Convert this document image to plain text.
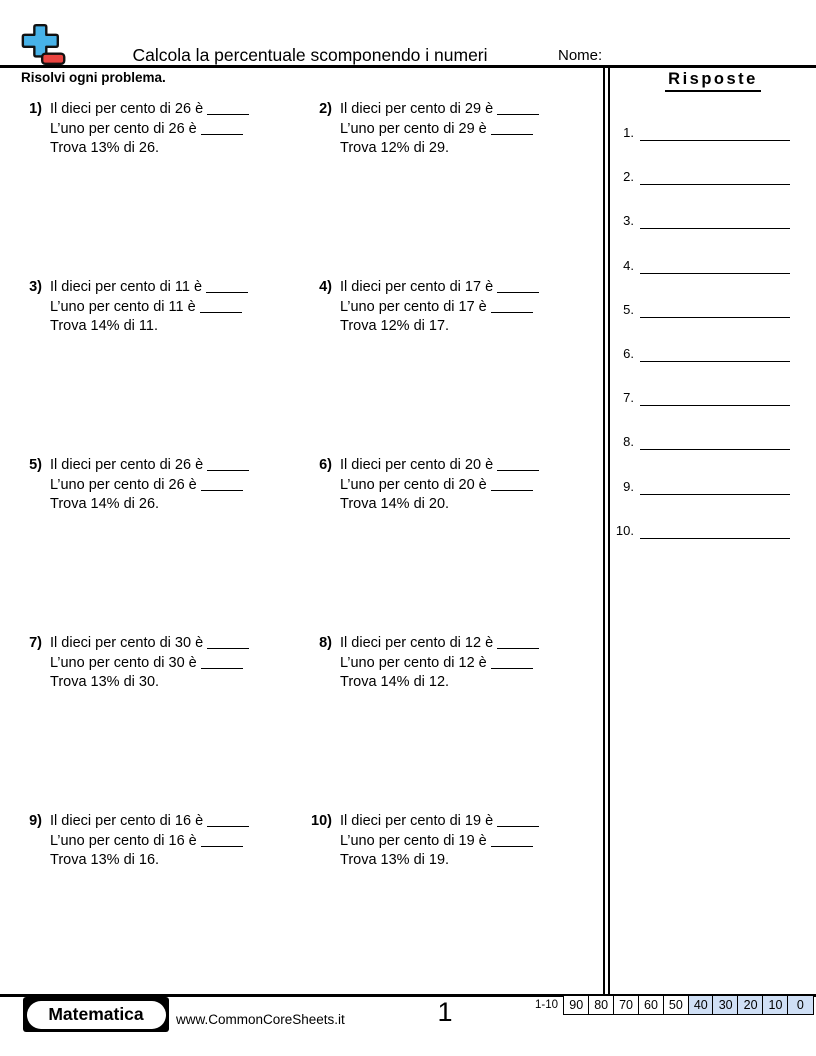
Calcola la percentuale scomponendo i numeri	Nome:
Risolvi ogni problema.
1) Il dieci per cento di 26 è
L’uno per cento di 26 è
Trova 13% di 26.
2) Il dieci per cento di 29 è
L’uno per cento di 29 è
Trova 12% di 29.
3) Il dieci per cento di 11 è
L’uno per cento di 11 è
Trova 14% di 11.
4) Il dieci per cento di 17 è
L’uno per cento di 17 è
Trova 12% di 17.
5) Il dieci per cento di 26 è
L’uno per cento di 26 è
Trova 14% di 26.
6) Il dieci per cento di 20 è
L’uno per cento di 20 è
Trova 14% di 20.
7) Il dieci per cento di 30 è
L’uno per cento di 30 è
Trova 13% di 30.
8) Il dieci per cento di 12 è
L’uno per cento di 12 è
Trova 14% di 12.
9) Il dieci per cento di 16 è
L’uno per cento di 16 è
Trova 13% di 16.
10) Il dieci per cento di 19 è
L’uno per cento di 19 è
Trova 13% di 19.
Risposte
1.
2.
3.
4.
5.
6.
7.
8.
9.
10.
Matematica	www.CommonCoreSheets.it	1	1-10 90 80 70 60 50 40 30 20 10	0
